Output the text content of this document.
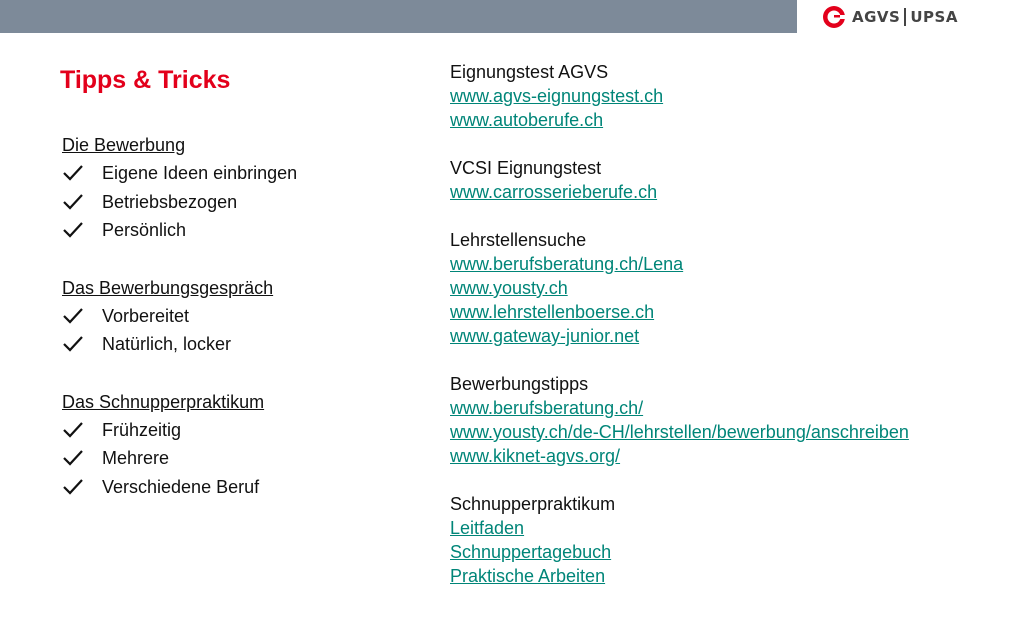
AGVS UPSA
Tipps & Tricks
Die Bewerbung
Eigene Ideen einbringen
Betriebsbezogen
Persönlich
Das Bewerbungsgespräch
Vorbereitet
Natürlich, locker
Das Schnupperpraktikum
Frühzeitig
Mehrere
Verschiedene Beruf
Eignungstest AGVS
www.agvs-eignungstest.ch
www.autoberufe.ch
VCSI Eignungstest
www.carrosserieberufe.ch
Lehrstellensuche
www.berufsberatung.ch/Lena
www.yousty.ch
www.lehrstellenboerse.ch
www.gateway-junior.net
Bewerbungstipps
www.berufsberatung.ch/
www.yousty.ch/de-CH/lehrstellen/bewerbung/anschreiben
www.kiknet-agvs.org/
Schnupperpraktikum
Leitfaden
Schnuppertagebuch
Praktische Arbeiten
